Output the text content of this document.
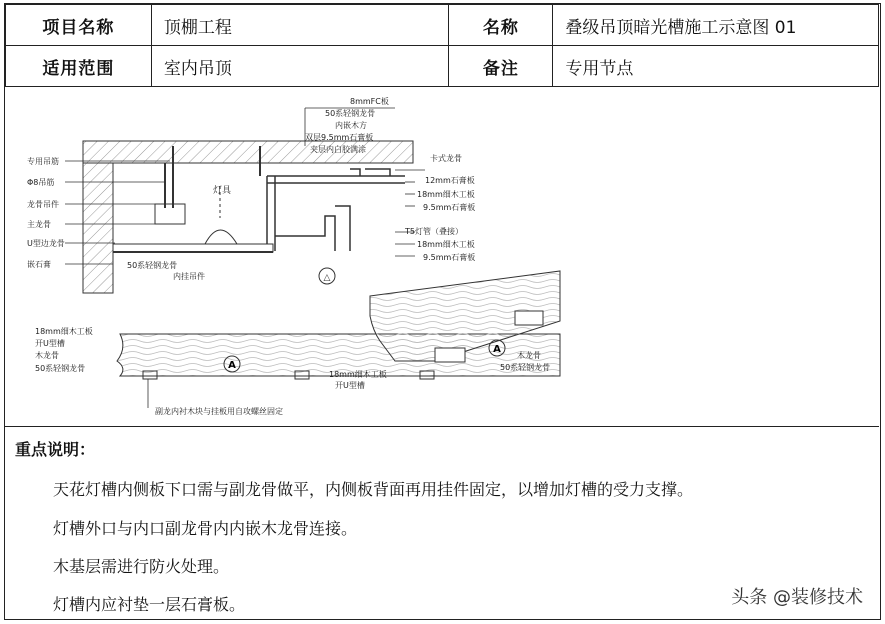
项目名称	顶棚工程	名称	叠级吊顶暗光槽施工示意图 01
适用范围	室内吊顶	备注	专用节点
△
8mmFC板
50系轻钢龙骨
内嵌木方
双层9.5mm石膏板
夹层内白胶满涂
卡式龙骨
12mm石膏板
18mm细木工板
9.5mm石膏板
T5灯管（叠接）
18mm细木工板
9.5mm石膏板
专用吊筋
Φ8吊筋
龙骨吊件
主龙骨
U型边龙骨
嵌石膏
灯具
50系轻钢龙骨
内挂吊件
A
18mm细木工板
开U型槽
木龙骨
50系轻钢龙骨
18mm细木工板
开U型槽
副龙内衬木块与挂板用自攻螺丝固定
A
木龙骨
50系轻钢龙骨
重点说明：
天花灯槽内侧板下口需与副龙骨做平，内侧板背面再用挂件固定，以增加灯槽的受力支撑。
灯槽外口与内口副龙骨内内嵌木龙骨连接。
木基层需进行防火处理。
灯槽内应衬垫一层石膏板。	头条 @装修技术
